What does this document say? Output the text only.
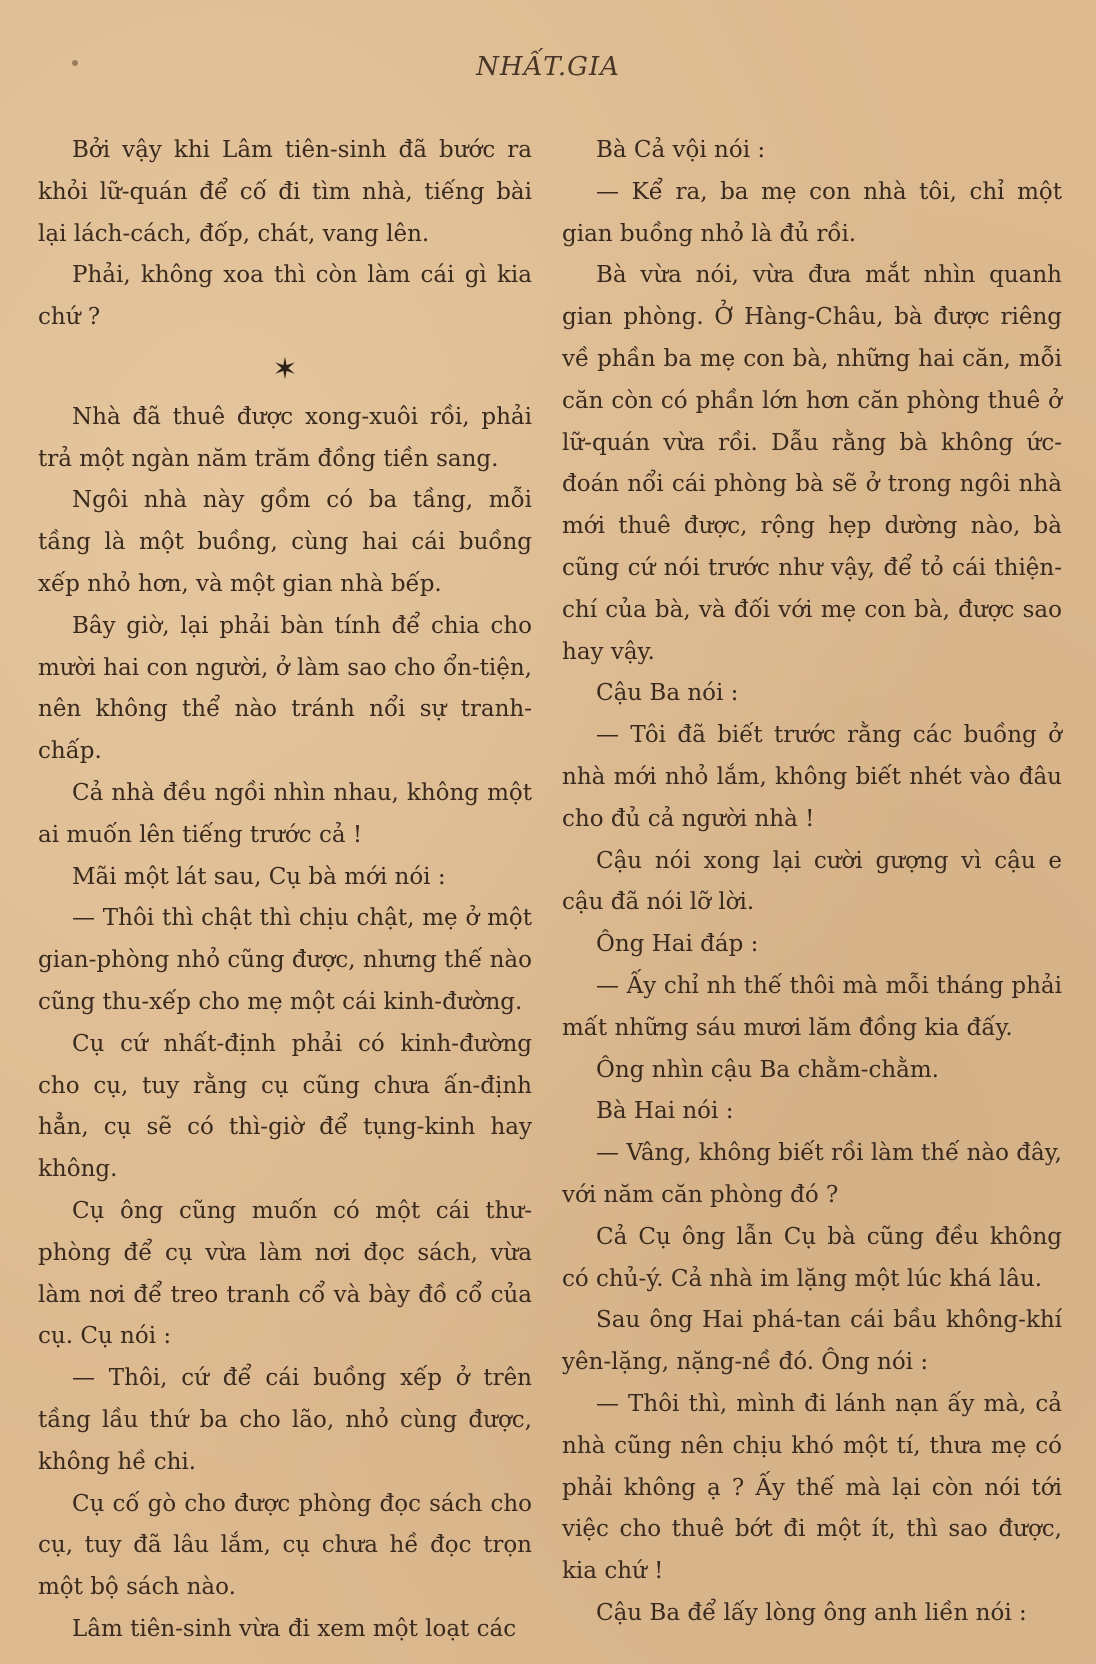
NHẤT.GIA

Bởi vậy khi Lâm tiên-sinh đã bước ra khỏi lữ-quán để cố đi tìm nhà, tiếng bài lại lách-cách, đốp, chát, vang lên.

Phải, không xoa thì còn làm cái gì kia chứ ?

✶

Nhà đã thuê được xong-xuôi rồi, phải trả một ngàn năm trăm đồng tiền sang.

Ngôi nhà này gồm có ba tầng, mỗi tầng là một buồng, cùng hai cái buồng xếp nhỏ hơn, và một gian nhà bếp.

Bây giờ, lại phải bàn tính để chia cho mười hai con người, ở làm sao cho ổn-tiện, nên không thể nào tránh nổi sự tranh-chấp.

Cả nhà đều ngồi nhìn nhau, không một ai muốn lên tiếng trước cả !

Mãi một lát sau, Cụ bà mới nói :

— Thôi thì chật thì chịu chật, mẹ ở một gian-phòng nhỏ cũng được, nhưng thế nào cũng thu-xếp cho mẹ một cái kinh-đường.

Cụ cứ nhất-định phải có kinh-đường cho cụ, tuy rằng cụ cũng chưa ấn-định hẳn, cụ sẽ có thì-giờ để tụng-kinh hay không.

Cụ ông cũng muốn có một cái thư-phòng để cụ vừa làm nơi đọc sách, vừa làm nơi để treo tranh cổ và bày đồ cổ của cụ. Cụ nói :

— Thôi, cứ để cái buồng xếp ở trên tầng lầu thứ ba cho lão, nhỏ cùng được, không hề chi.

Cụ cố gò cho được phòng đọc sách cho cụ, tuy đã lâu lắm, cụ chưa hề đọc trọn một bộ sách nào.

Lâm tiên-sinh vừa đi xem một loạt các

Bà Cả vội nói :

— Kể ra, ba mẹ con nhà tôi, chỉ một gian buồng nhỏ là đủ rồi.

Bà vừa nói, vừa đưa mắt nhìn quanh gian phòng. Ở Hàng-Châu, bà được riêng về phần ba mẹ con bà, những hai căn, mỗi căn còn có phần lớn hơn căn phòng thuê ở lữ-quán vừa rồi. Dẫu rằng bà không ức-đoán nổi cái phòng bà sẽ ở trong ngôi nhà mới thuê được, rộng hẹp dường nào, bà cũng cứ nói trước như vậy, để tỏ cái thiện-chí của bà, và đối với mẹ con bà, được sao hay vậy.

Cậu Ba nói :

— Tôi đã biết trước rằng các buồng ở nhà mới nhỏ lắm, không biết nhét vào đâu cho đủ cả người nhà !

Cậu nói xong lại cười gượng vì cậu e cậu đã nói lỡ lời.

Ông Hai đáp :

— Ấy chỉ nh thế thôi mà mỗi tháng phải mất những sáu mươi lăm đồng kia đấy.

Ông nhìn cậu Ba chằm-chằm.

Bà Hai nói :

— Vâng, không biết rồi làm thế nào đây, với năm căn phòng đó ?

Cả Cụ ông lẫn Cụ bà cũng đều không có chủ-ý. Cả nhà im lặng một lúc khá lâu.

Sau ông Hai phá-tan cái bầu không-khí yên-lặng, nặng-nề đó. Ông nói :

— Thôi thì, mình đi lánh nạn ấy mà, cả nhà cũng nên chịu khó một tí, thưa mẹ có phải không ạ ? Ấy thế mà lại còn nói tới việc cho thuê bớt đi một ít, thì sao được, kia chứ !

Cậu Ba để lấy lòng ông anh liền nói :
